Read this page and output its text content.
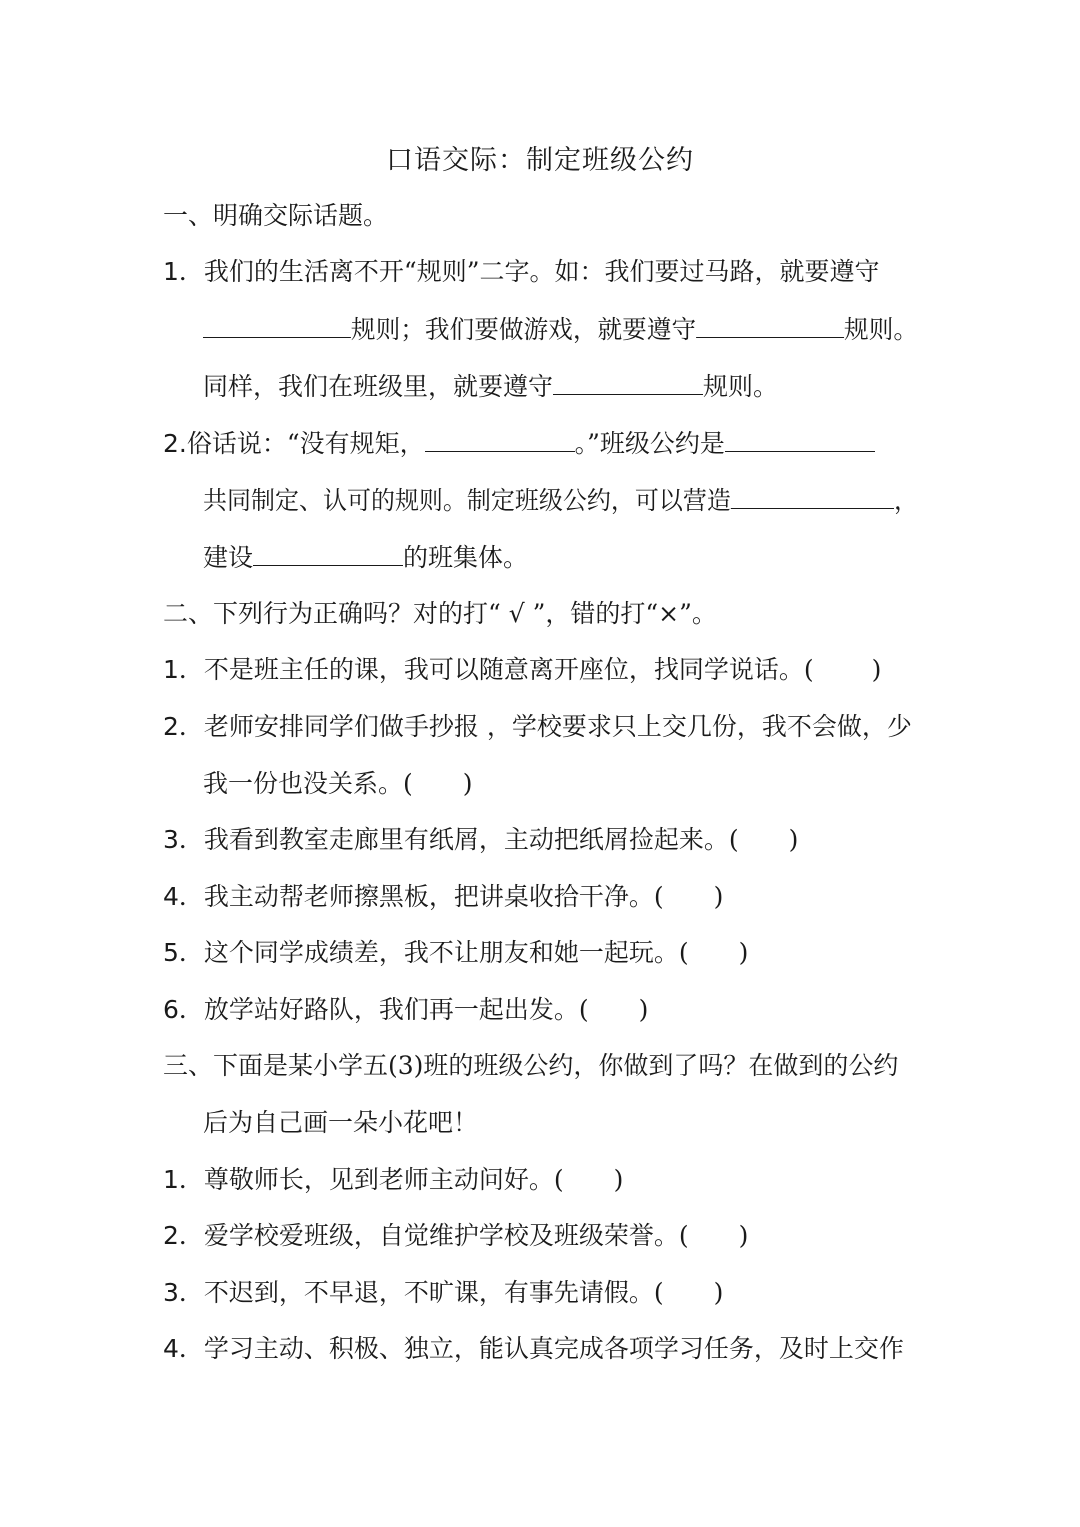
口语交际：制定班级公约
一、明确交际话题。
1．我们的生活离不开“规则”二字。如：我们要过马路，就要遵守
规则；我们要做游戏，就要遵守	规则。
同样，我们在班级里，就要遵守	规则。
2.俗话说：“没有规矩，	。”班级公约是
共同制定、认可的规则。制定班级公约，可以营造	，
建设	的班集体。
二、下列行为正确吗？对的打“ √ ”，错的打“×”。
1．不是班主任的课，我可以随意离开座位，找同学说话。( )
2．老师安排同学们做手抄报 ，学校要求只上交几份，我不会做，少
我一份也没关系。( )
3．我看到教室走廊里有纸屑，主动把纸屑捡起来。( )
4．我主动帮老师擦黑板，把讲桌收拾干净。( )
5．这个同学成绩差，我不让朋友和她一起玩。( )
6．放学站好路队，我们再一起出发。( )
三、下面是某小学五(3)班的班级公约，你做到了吗？在做到的公约
后为自己画一朵小花吧！
1．尊敬师长，见到老师主动问好。( )
2．爱学校爱班级，自觉维护学校及班级荣誉。( )
3．不迟到，不早退，不旷课，有事先请假。( )
4．学习主动、积极、独立，能认真完成各项学习任务，及时上交作
